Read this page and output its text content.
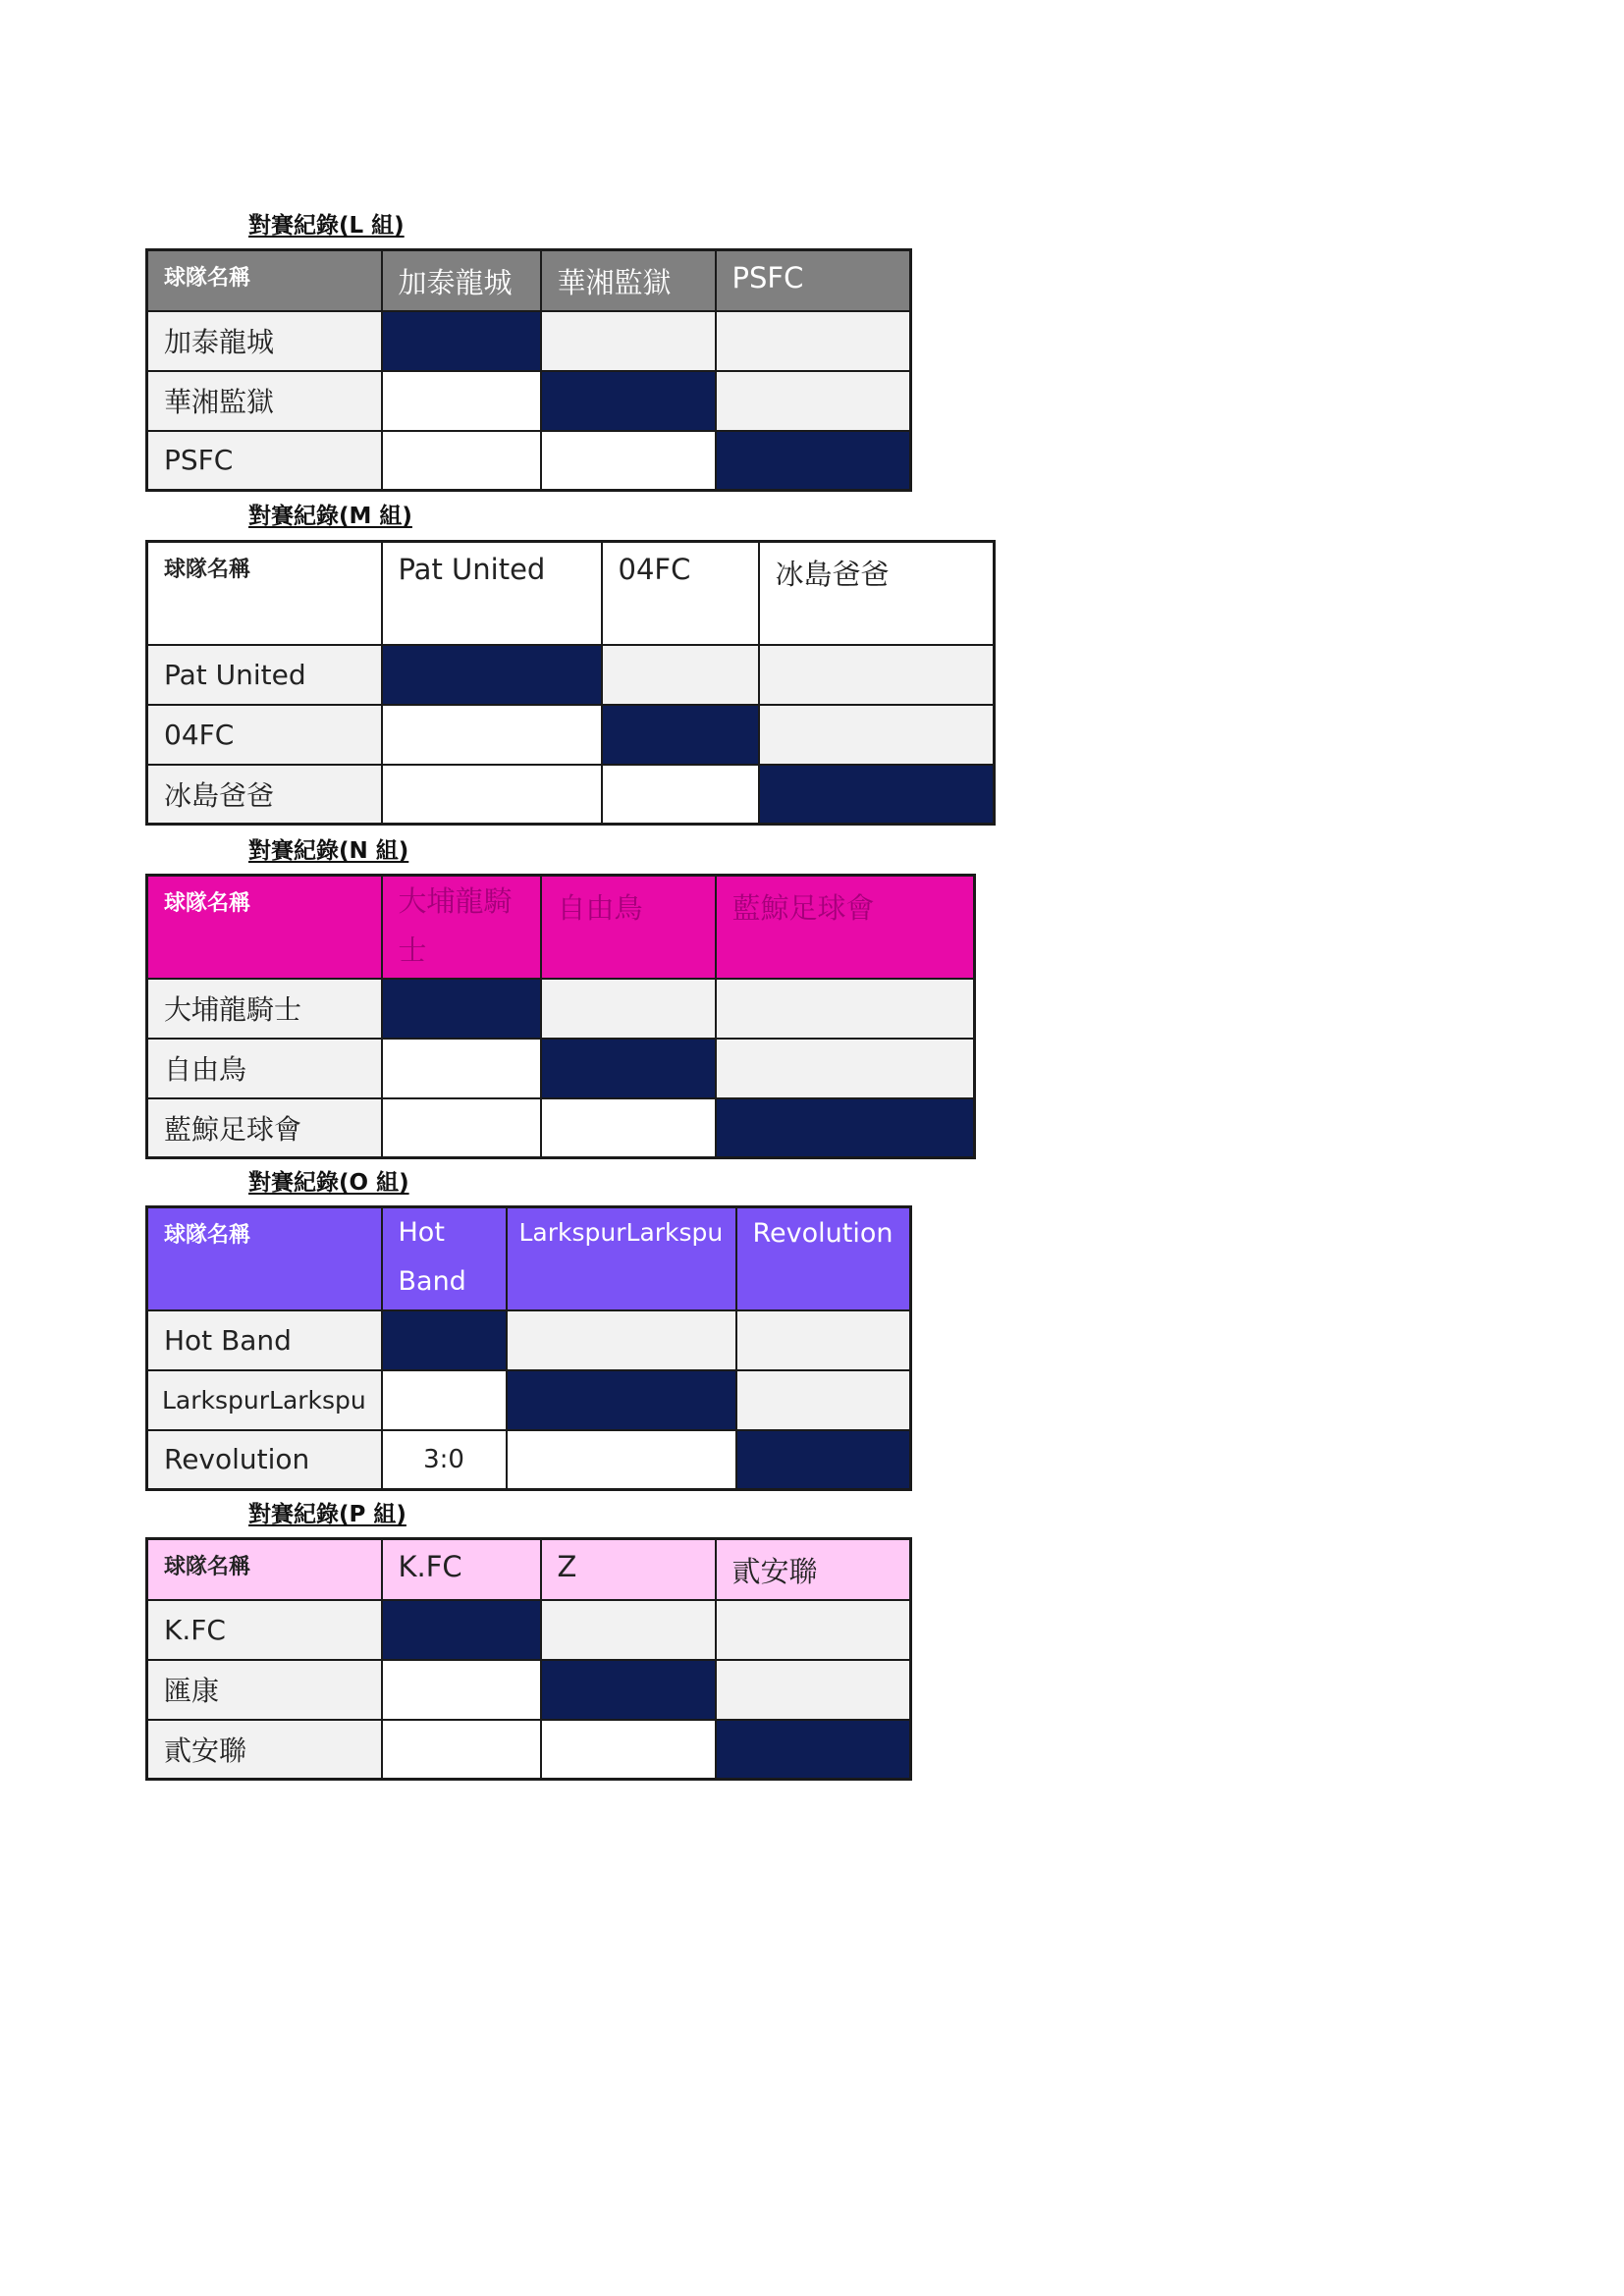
對賽紀錄(L 組)
球隊名稱	加泰龍城	華湘監獄	PSFC
加泰龍城			
華湘監獄			
PSFC			
對賽紀錄(M 組)
球隊名稱	Pat United	04FC	冰島爸爸
Pat United			
04FC			
冰島爸爸			
對賽紀錄(N 組)
球隊名稱	大埔龍騎士	自由鳥	藍鯨足球會
大埔龍騎士			
自由鳥			
藍鯨足球會			
對賽紀錄(O 組)
球隊名稱	Hot Band	LarkspurLarkspu	Revolution
Hot Band			
LarkspurLarkspu			
Revolution	3:0		
對賽紀錄(P 組)
球隊名稱	K.FC	Z	貳安聯
K.FC			
匯康			
貳安聯			
